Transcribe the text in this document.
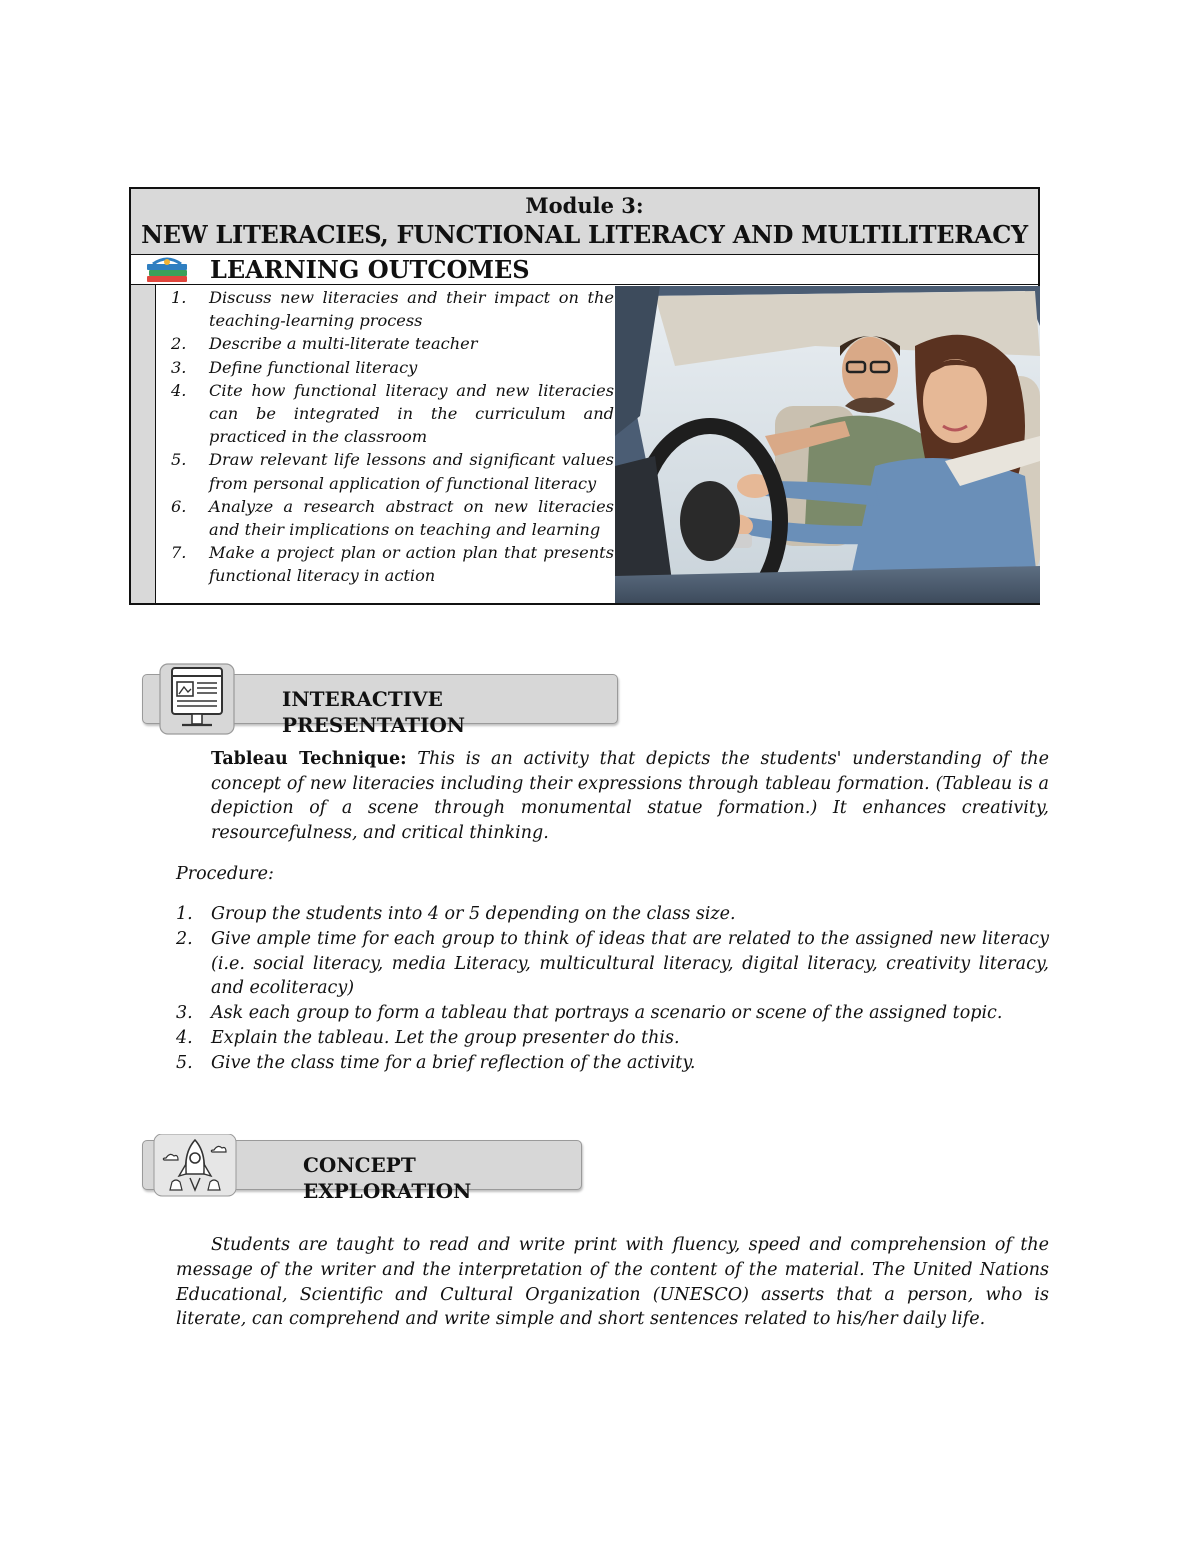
Module 3:
NEW LITERACIES, FUNCTIONAL LITERACY AND MULTILITERACY
LEARNING OUTCOMES
1. Discuss new literacies and their impact on the teaching-learning process
2. Describe a multi-literate teacher
3. Define functional literacy
4. Cite how functional literacy and new literacies can be integrated in the curriculum and practiced in the classroom
5. Draw relevant life lessons and significant values from personal application of functional literacy
6. Analyze a research abstract on new literacies and their implications on teaching and learning
7. Make a project plan or action plan that presents functional literacy in action
INTERACTIVE PRESENTATION
Tableau Technique: This is an activity that depicts the students' understanding of the concept of new literacies including their expressions through tableau formation. (Tableau is a depiction of a scene through monumental statue formation.) It enhances creativity, resourcefulness, and critical thinking.
Procedure:
1. Group the students into 4 or 5 depending on the class size.
2. Give ample time for each group to think of ideas that are related to the assigned new literacy (i.e. social literacy, media Literacy, multicultural literacy, digital literacy, creativity literacy, and ecoliteracy)
3. Ask each group to form a tableau that portrays a scenario or scene of the assigned topic.
4. Explain the tableau. Let the group presenter do this.
5. Give the class time for a brief reflection of the activity.
CONCEPT EXPLORATION
Students are taught to read and write print with fluency, speed and comprehension of the message of the writer and the interpretation of the content of the material. The United Nations Educational, Scientific and Cultural Organization (UNESCO) asserts that a person, who is literate, can comprehend and write simple and short sentences related to his/her daily life.
